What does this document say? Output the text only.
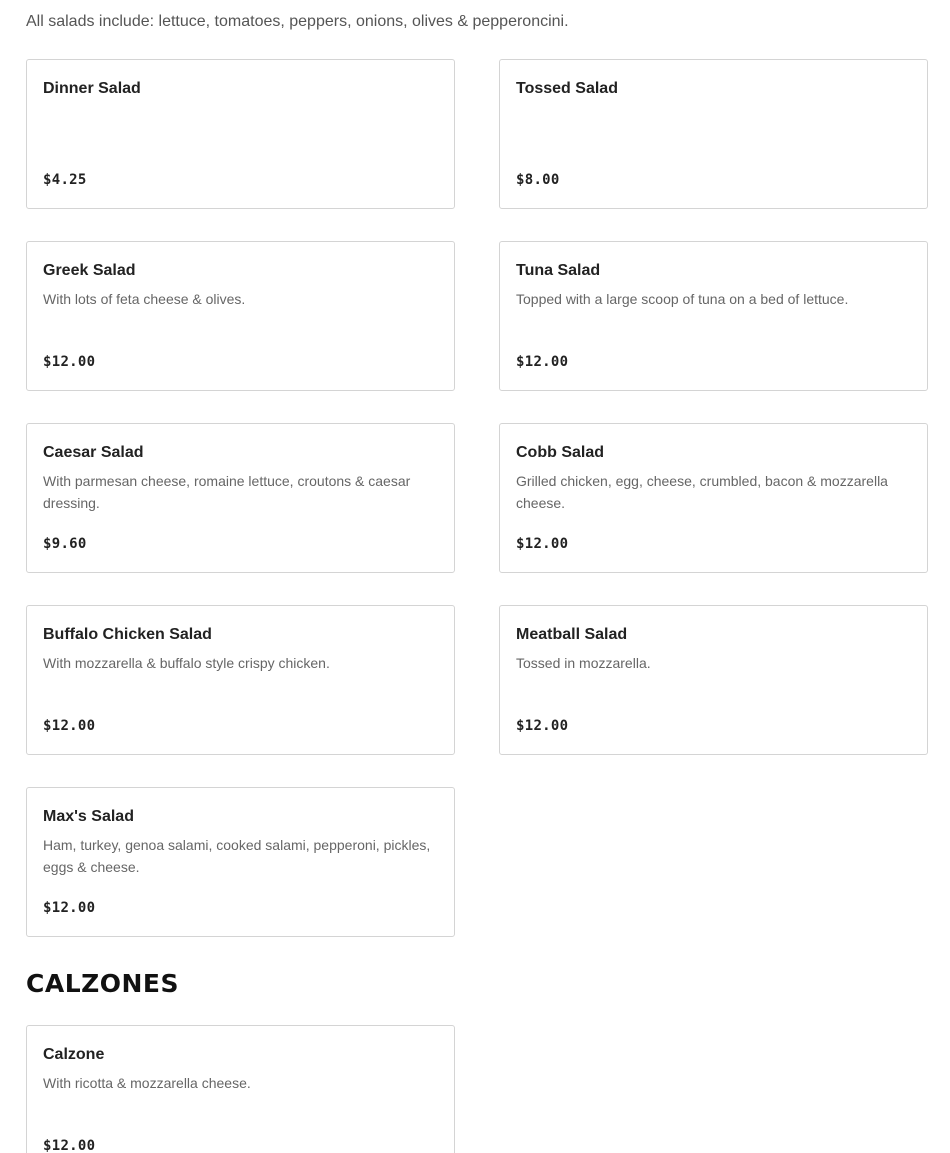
All salads include: lettuce, tomatoes, peppers, onions, olives & pepperoncini.

Dinner Salad
$4.25
Tossed Salad
$8.00
Greek Salad
With lots of feta cheese & olives.
$12.00
Tuna Salad
Topped with a large scoop of tuna on a bed of lettuce.
$12.00
Caesar Salad
With parmesan cheese, romaine lettuce, croutons & caesar dressing.
$9.60
Cobb Salad
Grilled chicken, egg, cheese, crumbled, bacon & mozzarella cheese.
$12.00
Buffalo Chicken Salad
With mozzarella & buffalo style crispy chicken.
$12.00
Meatball Salad
Tossed in mozzarella.
$12.00
Max's Salad
Ham, turkey, genoa salami, cooked salami, pepperoni, pickles, eggs & cheese.
$12.00
CALZONES
Calzone
With ricotta & mozzarella cheese.
$12.00
